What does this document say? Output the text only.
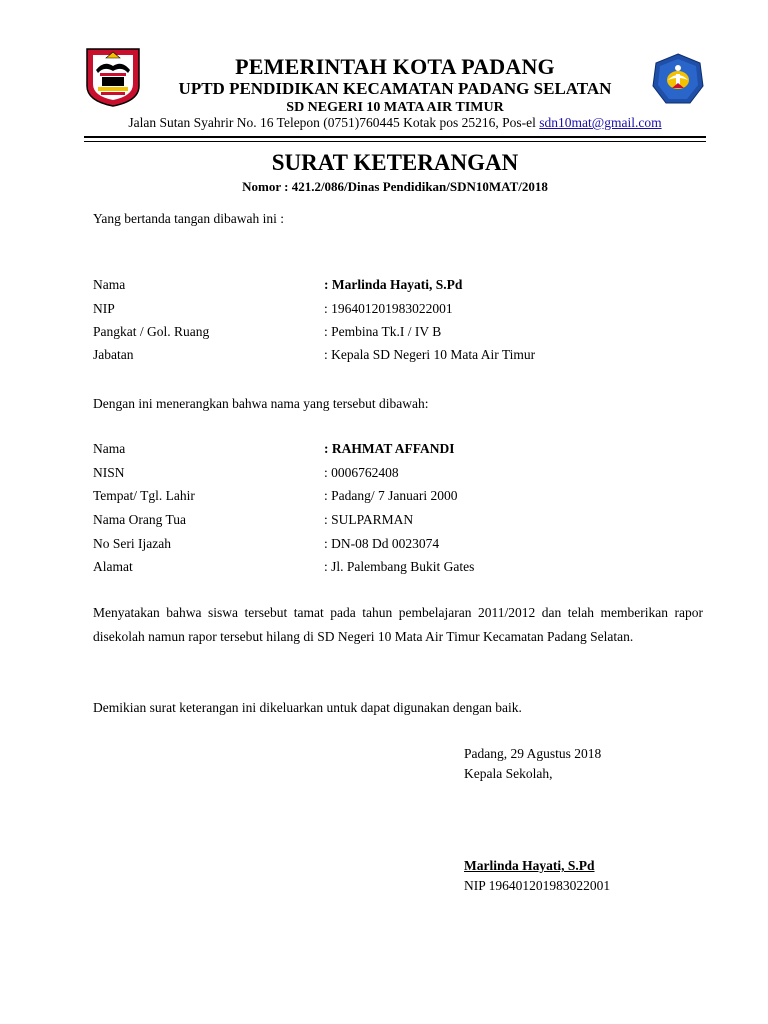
PEMERINTAH KOTA PADANG
UPTD PENDIDIKAN KECAMATAN PADANG SELATAN
SD NEGERI 10 MATA AIR TIMUR
Jalan Sutan Syahrir No. 16 Telepon (0751)760445 Kotak pos 25216, Pos-el sdn10mat@gmail.com
SURAT KETERANGAN
Nomor : 421.2/086/Dinas Pendidikan/SDN10MAT/2018
Yang bertanda tangan dibawah ini :
Nama	: Marlinda Hayati, S.Pd
NIP	: 196401201983022001
Pangkat / Gol. Ruang	: Pembina Tk.I / IV B
Jabatan	: Kepala SD Negeri 10 Mata Air Timur
Dengan ini menerangkan bahwa nama yang tersebut dibawah:
Nama	: RAHMAT AFFANDI
NISN	: 0006762408
Tempat/ Tgl. Lahir	: Padang/ 7 Januari 2000
Nama Orang Tua	: SULPARMAN
No Seri Ijazah	: DN-08 Dd 0023074
Alamat	: Jl. Palembang Bukit Gates
Menyatakan bahwa siswa tersebut tamat pada tahun pembelajaran 2011/2012 dan telah memberikan rapor disekolah namun rapor tersebut hilang di SD Negeri 10 Mata Air Timur Kecamatan Padang Selatan.
Demikian surat keterangan ini dikeluarkan untuk dapat digunakan dengan baik.
Padang, 29 Agustus 2018
Kepala Sekolah,
Marlinda Hayati, S.Pd
NIP 196401201983022001
